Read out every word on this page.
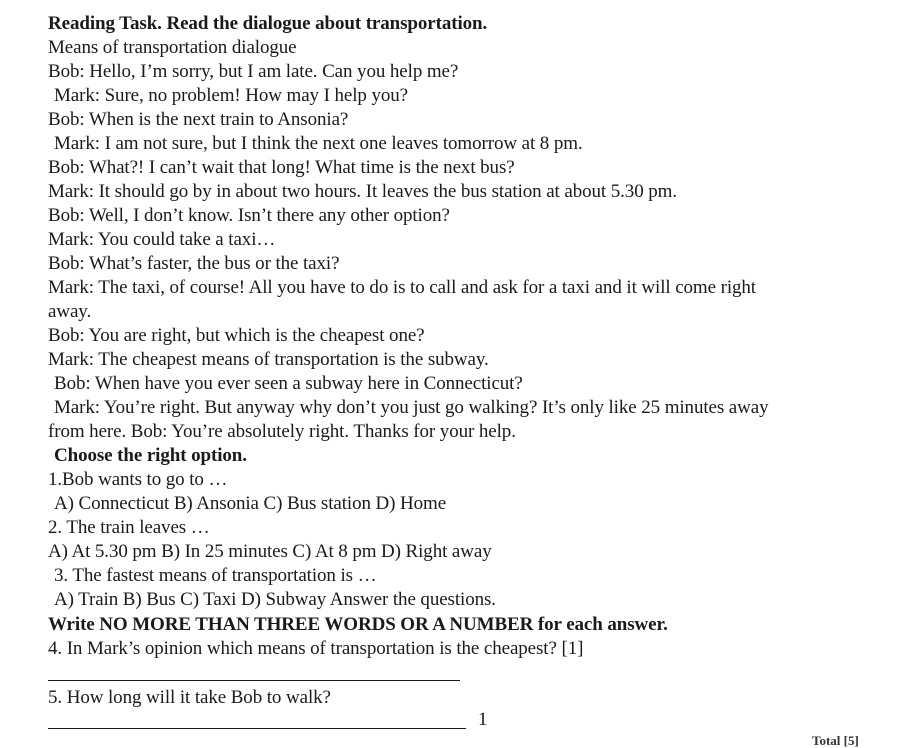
Reading Task. Read the dialogue about transportation.
Means of transportation dialogue
Bob: Hello, I’m sorry, but I am late. Can you help me?
Mark: Sure, no problem! How may I help you?
Bob: When is the next train to Ansonia?
Mark: I am not sure, but I think the next one leaves tomorrow at 8 pm.
Bob: What?! I can’t wait that long! What time is the next bus?
Mark: It should go by in about two hours. It leaves the bus station at about 5.30 pm.
Bob: Well, I don’t know. Isn’t there any other option?
Mark: You could take a taxi…
Bob: What’s faster, the bus or the taxi?
Mark: The taxi, of course! All you have to do is to call and ask for a taxi and it will come right
away.
Bob: You are right, but which is the cheapest one?
Mark: The cheapest means of transportation is the subway.
Bob: When have you ever seen a subway here in Connecticut?
Mark: You’re right. But anyway why don’t you just go walking? It’s only like 25 minutes away
from here. Bob: You’re absolutely right. Thanks for your help.
Choose the right option.
1.Bob wants to go to …
A) Connecticut B) Ansonia C) Bus station D) Home
2. The train leaves …
A) At 5.30 pm B) In 25 minutes C) At 8 pm D) Right away
3. The fastest means of transportation is …
A) Train B) Bus C) Taxi D) Subway Answer the questions.
Write NO MORE THAN THREE WORDS OR A NUMBER for each answer.
4. In Mark’s opinion which means of transportation is the cheapest? [1]
5. How long will it take Bob to walk?
1
Total [5]
